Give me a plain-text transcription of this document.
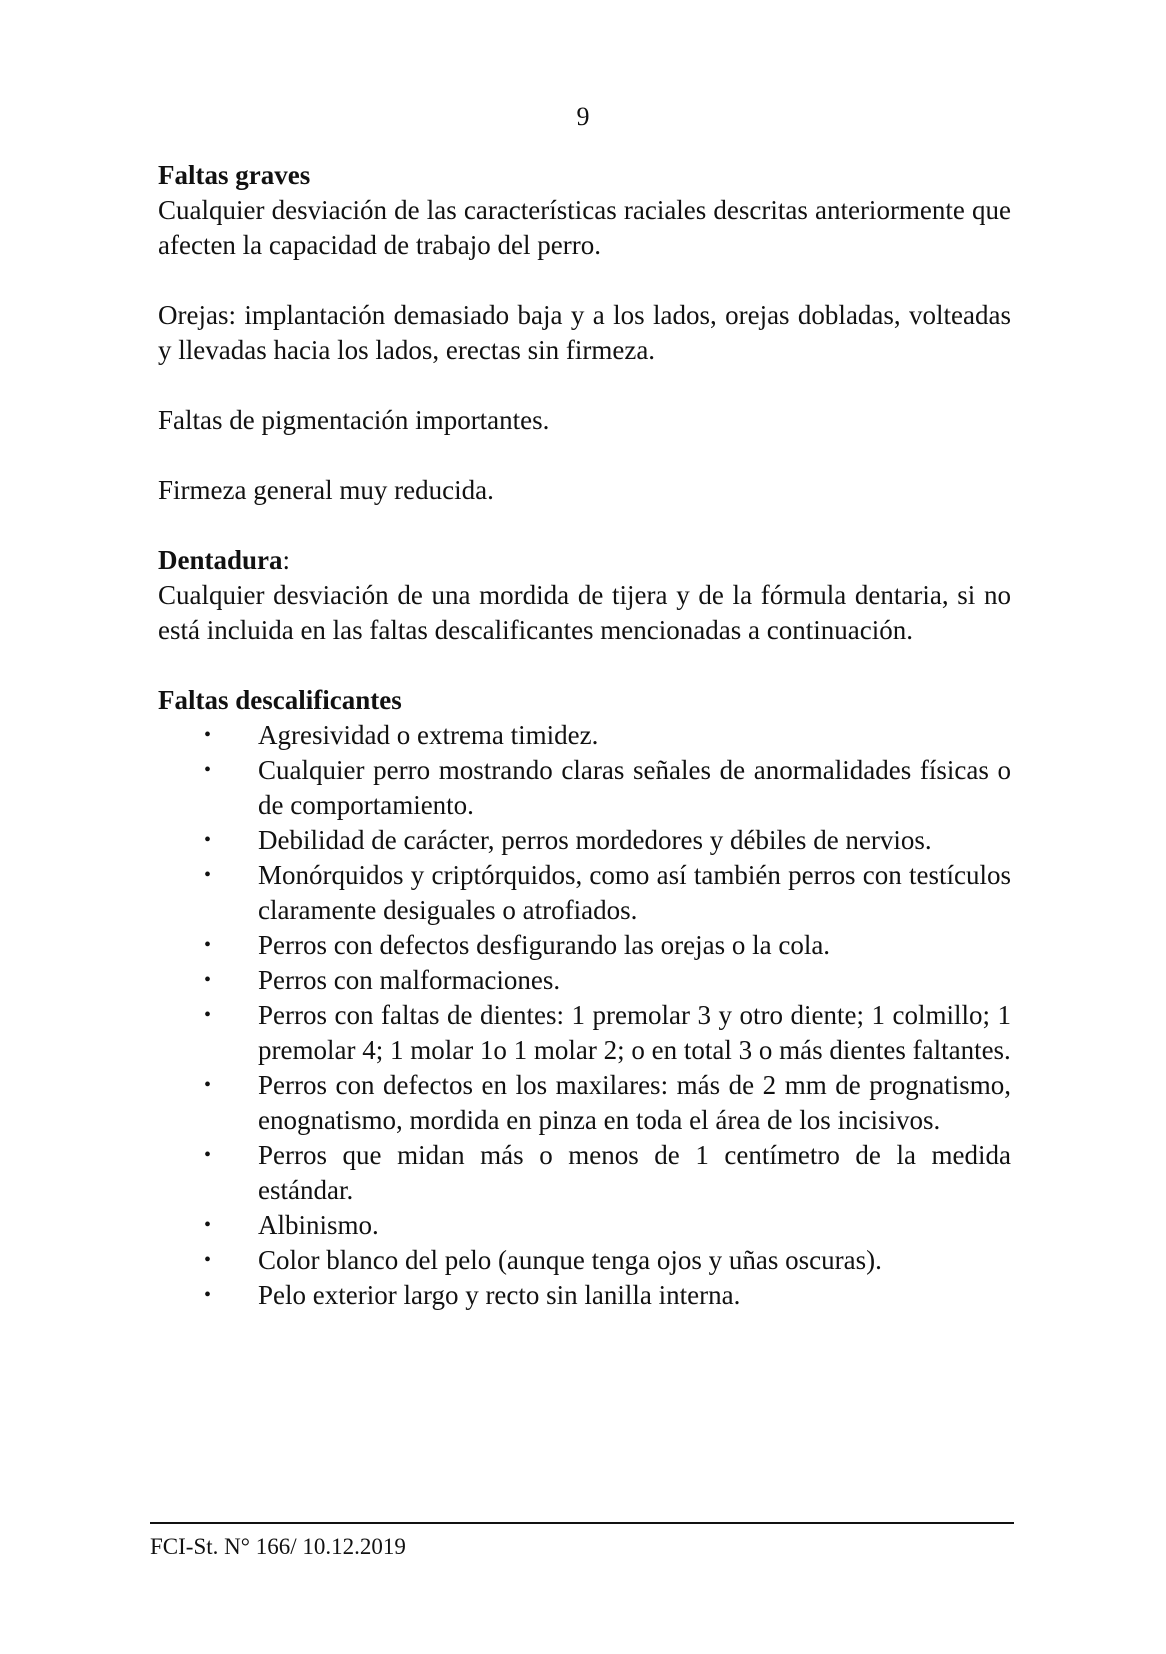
9

Faltas graves

Cualquier desviación de las características raciales descritas anteriormente que afecten la capacidad de trabajo del perro.

Orejas: implantación demasiado baja y a los lados, orejas dobladas, volteadas y llevadas hacia los lados, erectas sin firmeza.

Faltas de pigmentación importantes.

Firmeza general muy reducida.

Dentadura:

Cualquier desviación de una mordida de tijera y de la fórmula dentaria, si no está incluida en las faltas descalificantes mencionadas a continuación.

Faltas descalificantes

•	Agresividad o extrema timidez.
•	Cualquier perro mostrando claras señales de anormalidades físicas o de comportamiento.
•	Debilidad de carácter, perros mordedores y débiles de nervios.
•	Monórquidos y criptórquidos, como así también perros con testículos claramente desiguales o atrofiados.
•	Perros con defectos desfigurando las orejas o la cola.
•	Perros con malformaciones.
•	Perros con faltas de dientes: 1 premolar 3 y otro diente; 1 colmillo; 1 premolar 4; 1 molar 1o 1 molar 2; o en total 3 o más dientes faltantes.
•	Perros con defectos en los maxilares: más de 2 mm de prognatismo, enognatismo, mordida en pinza en toda el área de los incisivos.
•	Perros que midan más o menos de 1 centímetro de la medida estándar.
•	Albinismo.
•	Color blanco del pelo (aunque tenga ojos y uñas oscuras).
•	Pelo exterior largo y recto sin lanilla interna.
FCI-St. N° 166/ 10.12.2019
